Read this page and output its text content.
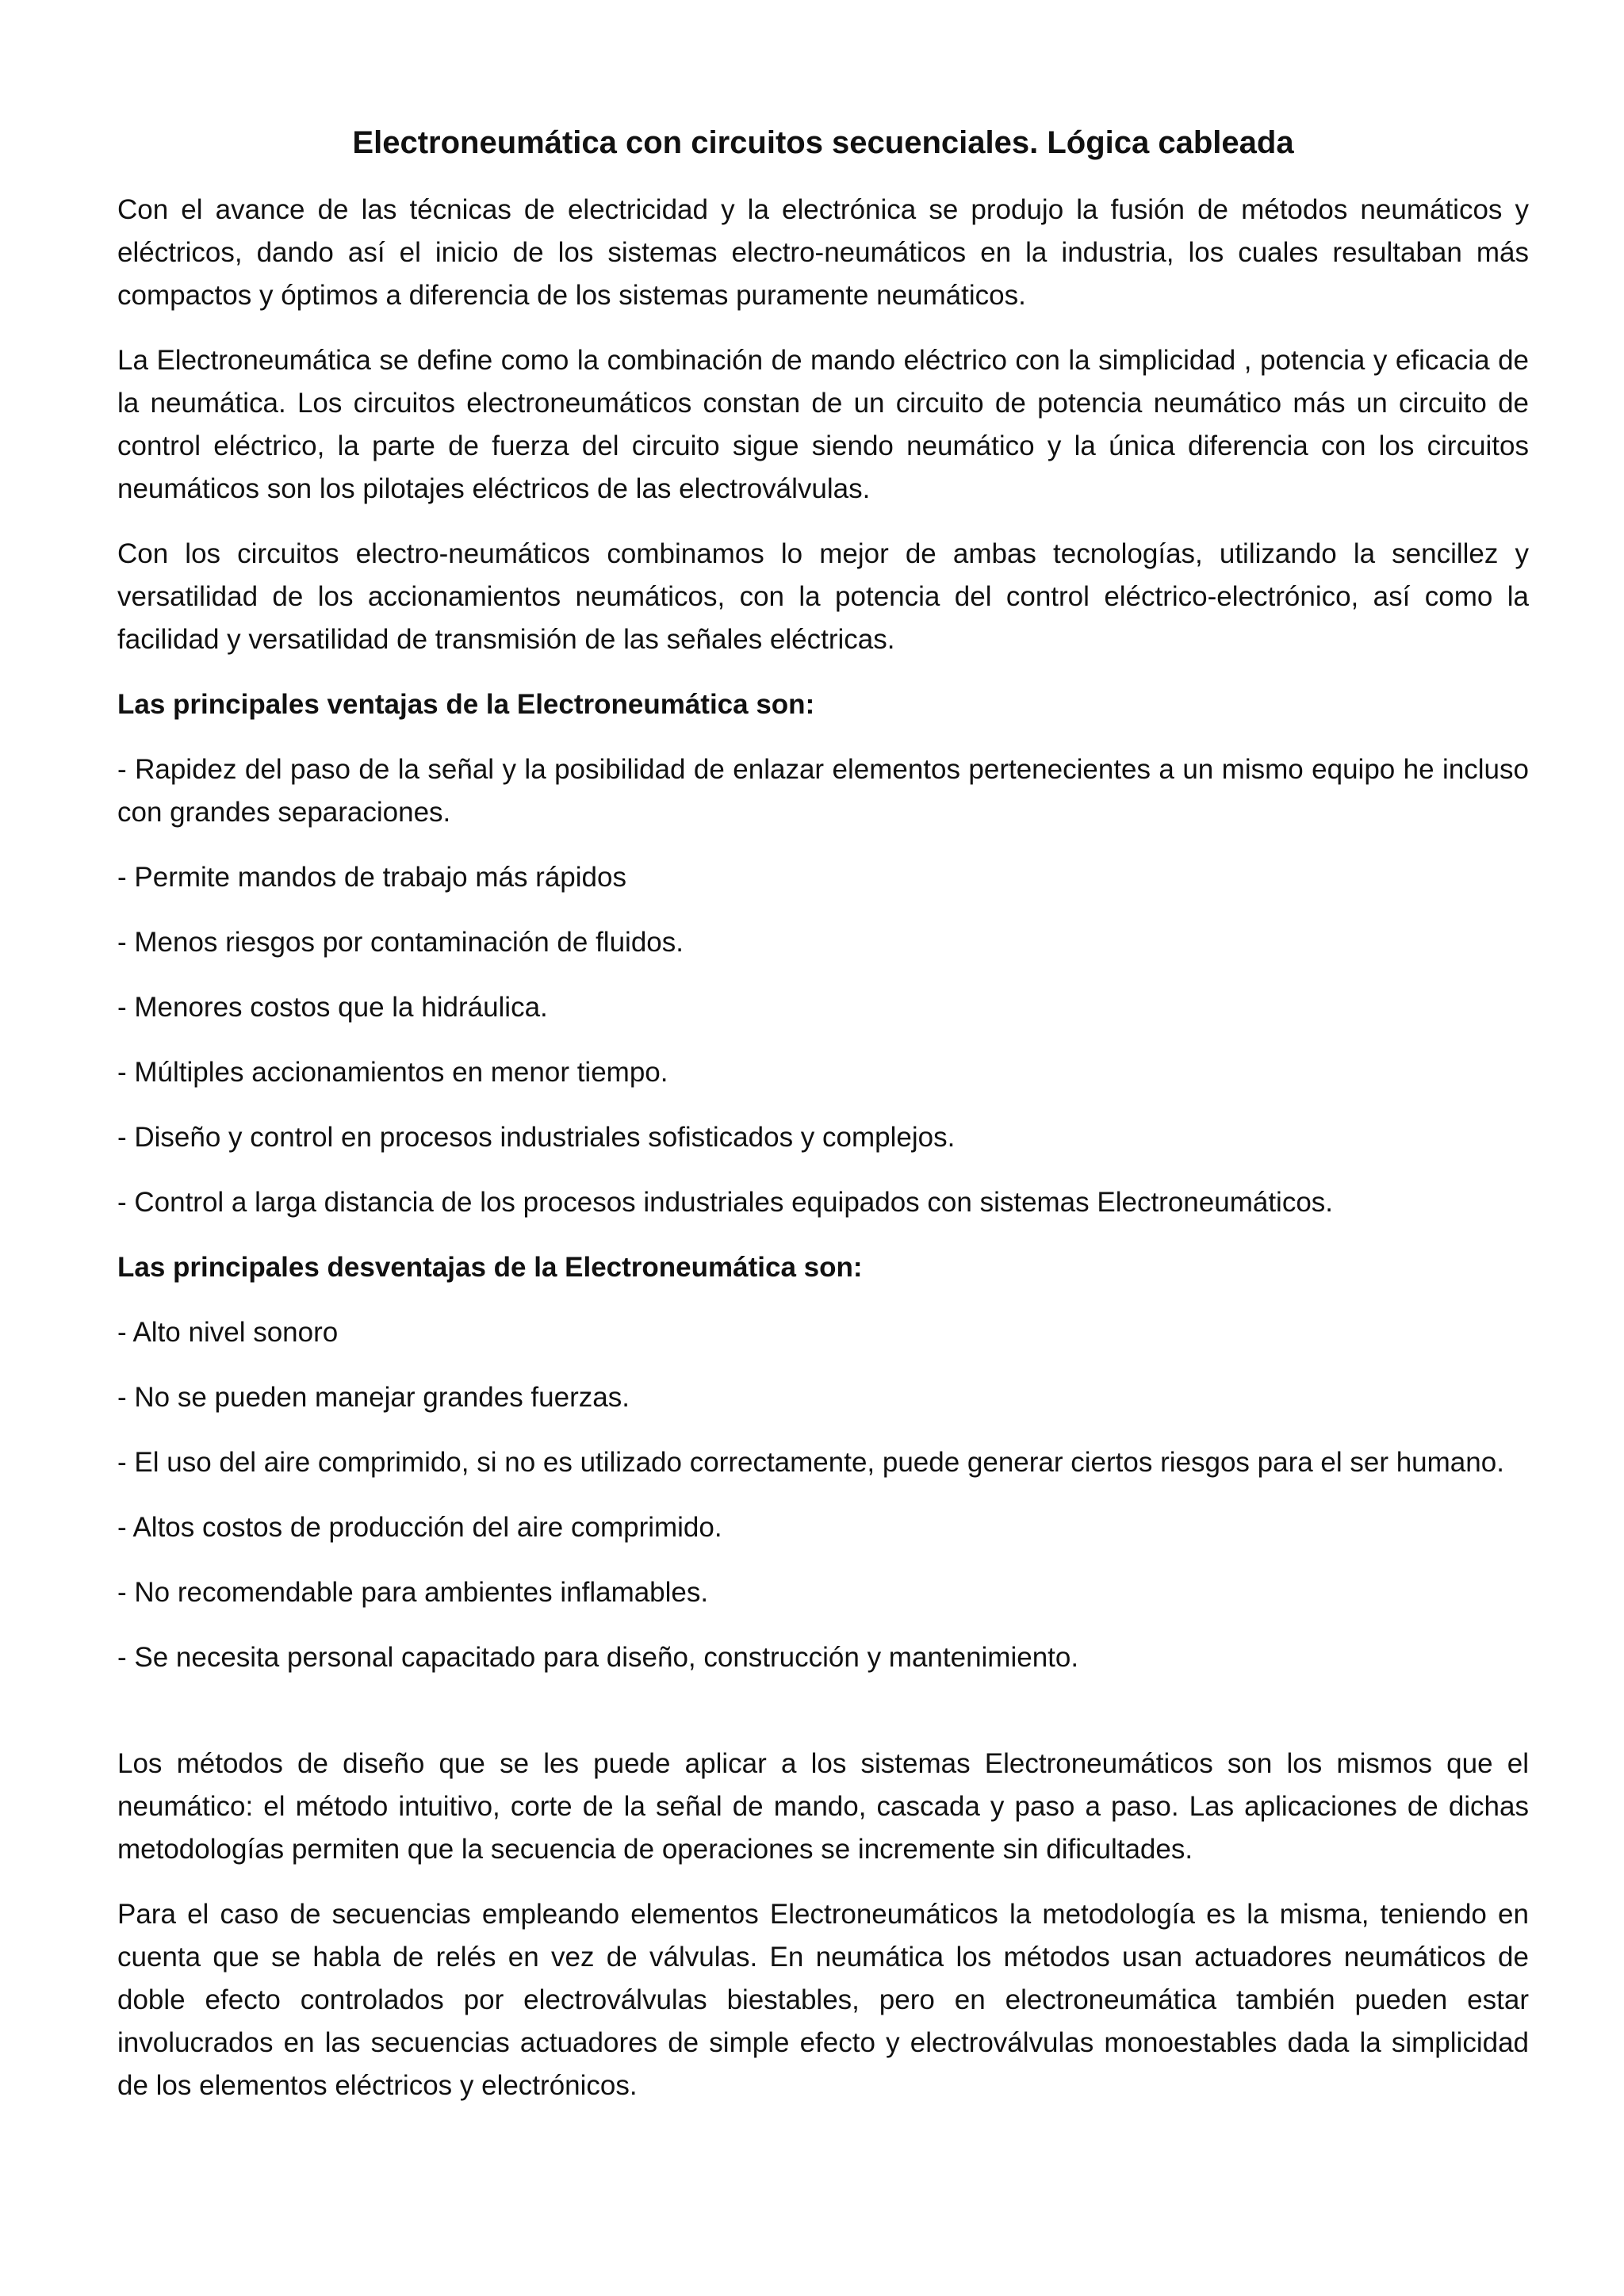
Electroneumática con circuitos secuenciales. Lógica cableada

Con el avance de las técnicas de electricidad y la electrónica se produjo la fusión de métodos neumáticos y eléctricos, dando así el inicio de los sistemas electro-neumáticos en la industria, los cuales resultaban más compactos y óptimos a diferencia de los sistemas puramente neumáticos.

La Electroneumática se define como la combinación de mando eléctrico con la simplicidad , potencia y eficacia de la neumática. Los circuitos electroneumáticos constan de un circuito de potencia neumático más un circuito de control eléctrico, la parte de fuerza del circuito sigue siendo neumático y la única diferencia con los circuitos neumáticos son los pilotajes eléctricos de las electroválvulas.

Con los circuitos electro-neumáticos combinamos lo mejor de ambas tecnologías, utilizando la sencillez y versatilidad de los accionamientos neumáticos, con la potencia del control eléctrico-electrónico, así como la facilidad y versatilidad de transmisión de las señales eléctricas.

Las principales ventajas de la Electroneumática son:

- Rapidez del paso de la señal y la posibilidad de enlazar elementos pertenecientes a un mismo equipo he incluso con grandes separaciones.

- Permite mandos de trabajo más rápidos

- Menos riesgos por contaminación de fluidos.

- Menores costos que la hidráulica.

- Múltiples accionamientos en menor tiempo.

- Diseño y control en procesos industriales sofisticados y complejos.

- Control a larga distancia de los procesos industriales equipados con sistemas Electroneumáticos.

Las principales desventajas de la Electroneumática son:

- Alto nivel sonoro

- No se pueden manejar grandes fuerzas.

- El uso del aire comprimido, si no es utilizado correctamente, puede generar ciertos riesgos para el ser humano.

- Altos costos de producción del aire comprimido.

- No recomendable para ambientes inflamables.

- Se necesita personal capacitado para diseño, construcción y mantenimiento.

Los métodos de diseño que se les puede aplicar a los sistemas Electroneumáticos son los mismos que el neumático: el método intuitivo, corte de la señal de mando, cascada y paso a paso. Las aplicaciones de dichas metodologías permiten que la secuencia de operaciones se incremente sin dificultades.

Para el caso de secuencias empleando elementos Electroneumáticos la metodología es la misma, teniendo en cuenta que se habla de relés en vez de válvulas. En neumática los métodos usan actuadores neumáticos de doble efecto controlados por electroválvulas biestables, pero en electroneumática también pueden estar involucrados en las secuencias actuadores de simple efecto y electroválvulas monoestables dada la simplicidad de los elementos eléctricos y electrónicos.
